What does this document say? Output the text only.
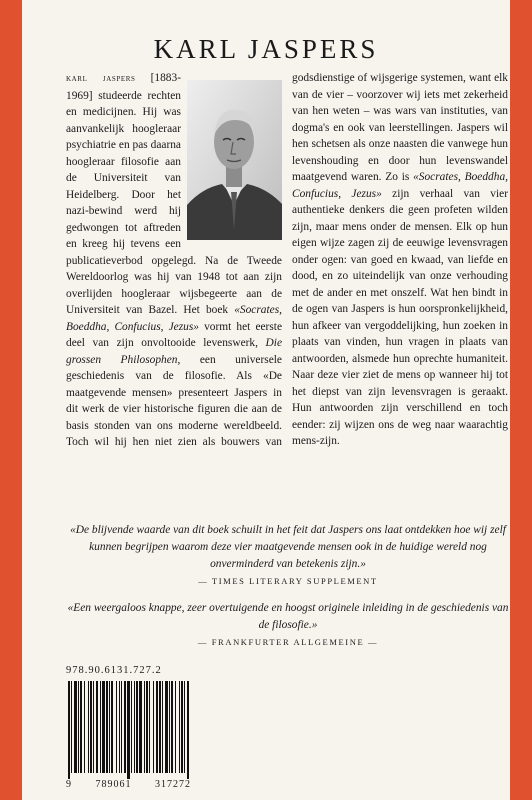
KARL JASPERS

karl jaspers [1883-1969] studeerde rechten en medicijnen. Hij was aanvankelijk hoogleraar psychiatrie en pas daarna hoogleraar filosofie aan de Universiteit van Heidelberg. Door het nazi-bewind werd hij gedwongen tot aftreden en kreeg hij tevens een publicatieverbod opgelegd. Na de Tweede Wereldoorlog was hij van 1948 tot aan zijn overlijden hoogleraar wijsbegeerte aan de Universiteit van Bazel. Het boek «Socrates, Boeddha, Confucius, Jezus» vormt het eerste deel van zijn onvoltooide levenswerk, Die grossen Philosophen, een universele geschiedenis van de filosofie. Als «De maatgevende mensen» presenteert Jaspers in dit werk de vier historische figuren die aan de basis stonden van ons moderne wereldbeeld. Toch wil hij hen niet zien als bouwers van godsdienstige of wijsgerige systemen, want elk van de vier – voorzover wij iets met zekerheid van hen weten – was wars van instituties, van dogma's en ook van leerstellingen. Jaspers wil hen schetsen als onze naasten die vanwege hun levenshouding en door hun levenswandel maatgevend waren. Zo is «Socrates, Boeddha, Confucius, Jezus» zijn verhaal van vier authentieke denkers die geen profeten wilden zijn, maar mens onder de mensen. Elk op hun eigen wijze zagen zij de eeuwige levensvragen onder ogen: van goed en kwaad, van liefde en dood, en zo uiteindelijk van onze verhouding met de ander en met onszelf. Wat hen bindt in de ogen van Jaspers is hun oorspronkelijkheid, hun afkeer van vergoddelijking, hun zoeken in plaats van vinden, hun vragen in plaats van antwoorden, alsmede hun oprechte humaniteit. Naar deze vier ziet de mens op wanneer hij tot het diepst van zijn levensvragen is geraakt. Hun antwoorden zijn verschillend en toch eender: zij wijzen ons de weg naar waarachtig mens-zijn.

«De blijvende waarde van dit boek schuilt in het feit dat Jaspers ons laat ontdekken hoe wij zelf kunnen begrijpen waarom deze vier maatgevende mensen ook in de huidige wereld nog onverminderd van betekenis zijn.»

— TIMES LITERARY SUPPLEMENT

«Een weergaloos knappe, zeer overtuigende en hoogst originele inleiding in de geschiedenis van de filosofie.»

— FRANKFURTER ALLGEMEINE —

978.90.6131.727.2
9 789061 317272
